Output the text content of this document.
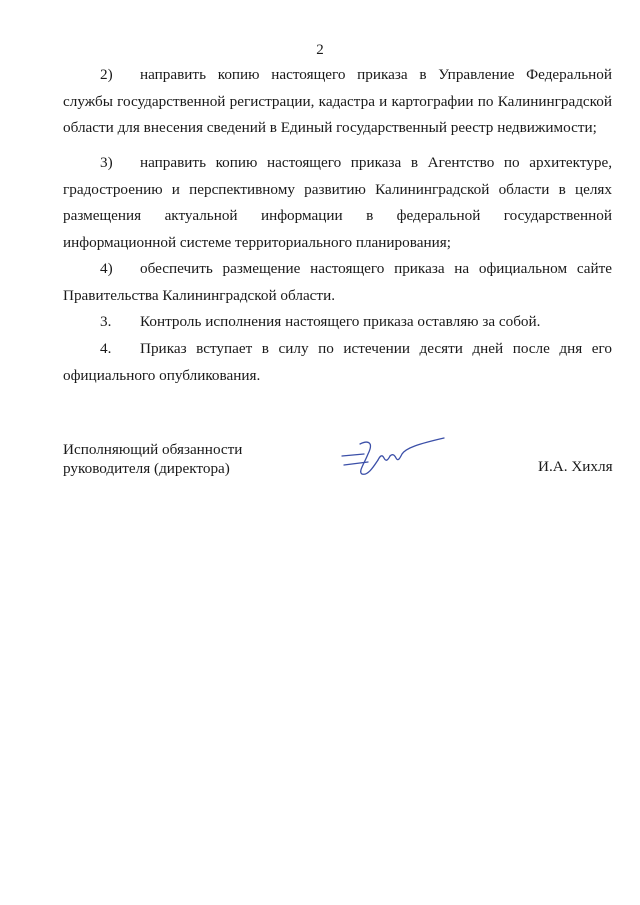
2

2) направить копию настоящего приказа в Управление Федеральной службы государственной регистрации, кадастра и картографии по Калининградской области для внесения сведений в Единый государственный реестр недвижимости;

3) направить копию настоящего приказа в Агентство по архитектуре, градостроению и перспективному развитию Калининградской области в целях размещения актуальной информации в федеральной государственной информационной системе территориального планирования;

4) обеспечить размещение настоящего приказа на официальном сайте Правительства Калининградской области.

3. Контроль исполнения настоящего приказа оставляю за собой.

4. Приказ вступает в силу по истечении десяти дней после дня его официального опубликования.

Исполняющий обязанности
руководителя (директора)	И.А. Хихля
